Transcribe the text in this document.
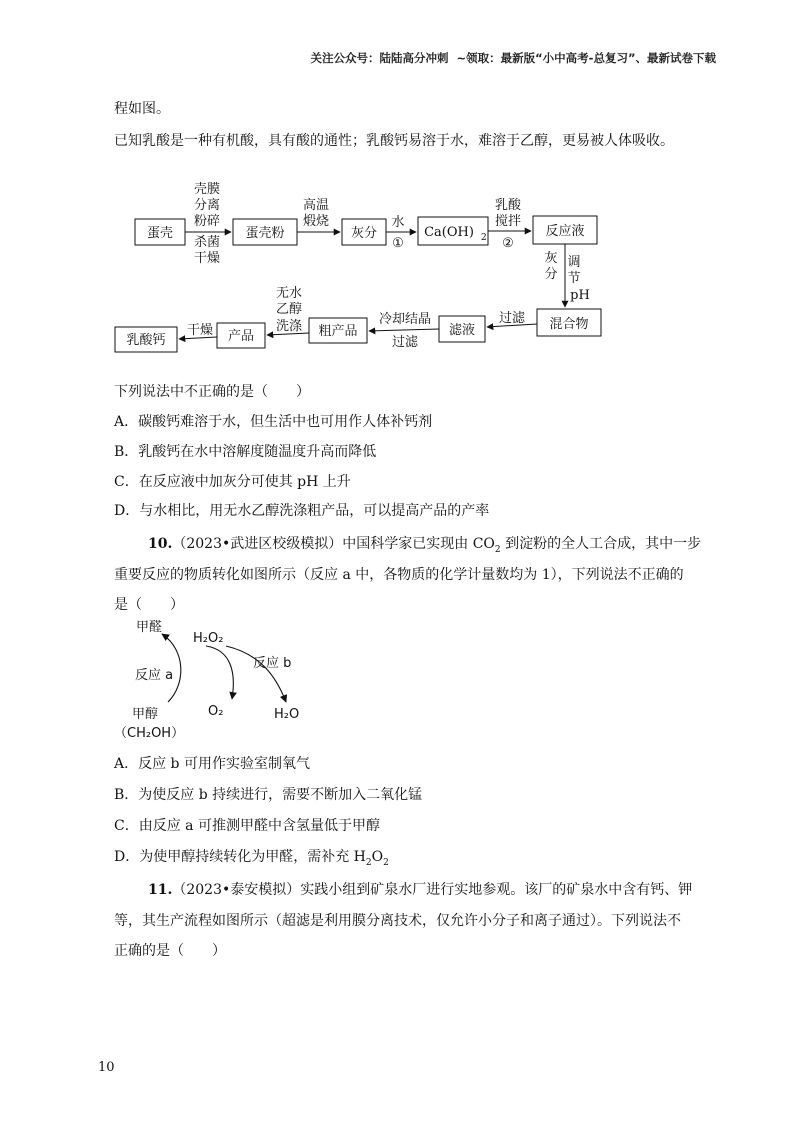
关注公众号：陆陆高分冲刺  ~领取：最新版“小中高考-总复习”、最新试卷下载
程如图。
已知乳酸是一种有机酸，具有酸的通性；乳酸钙易溶于水，难溶于乙醇，更易被人体吸收。
蛋壳	蛋壳粉	灰分	Ca(OH) 2	反应液
混合物
滤液
粗产品
产品
乳酸钙
壳膜
分离
粉碎
杀菌
干燥
高温
煅烧	水
①
乳酸
搅拌
②
灰
分
调
节
pH
过滤
冷却结晶
过滤
无水
乙醇
洗涤
干燥
甲醛
H₂O₂
反应 a
反应 b
甲醇
（CH₂OH）
O₂	H₂O
下列说法中不正确的是（　　）
A．碳酸钙难溶于水，但生活中也可用作人体补钙剂
B．乳酸钙在水中溶解度随温度升高而降低
C．在反应液中加灰分可使其 pH 上升
D．与水相比，用无水乙醇洗涤粗产品，可以提高产品的产率
10.（2023•武进区校级模拟）中国科学家已实现由 $CO_2$ 到淀粉的全人工合成，其中一步
重要反应的物质转化如图所示（反应 a 中，各物质的化学计量数均为 1），下列说法不正确的
是（　　）
A．反应 b 可用作实验室制氧气
B．为使反应 b 持续进行，需要不断加入二氧化锰
C．由反应 a 可推测甲醛中含氢量低于甲醇
D．为使甲醇持续转化为甲醛，需补充 $H_2O_2$
11.（2023•泰安模拟）实践小组到矿泉水厂进行实地参观。该厂的矿泉水中含有钙、钾
等，其生产流程如图所示（超滤是利用膜分离技术，仅允许小分子和离子通过）。下列说法不
正确的是（　　）
10
